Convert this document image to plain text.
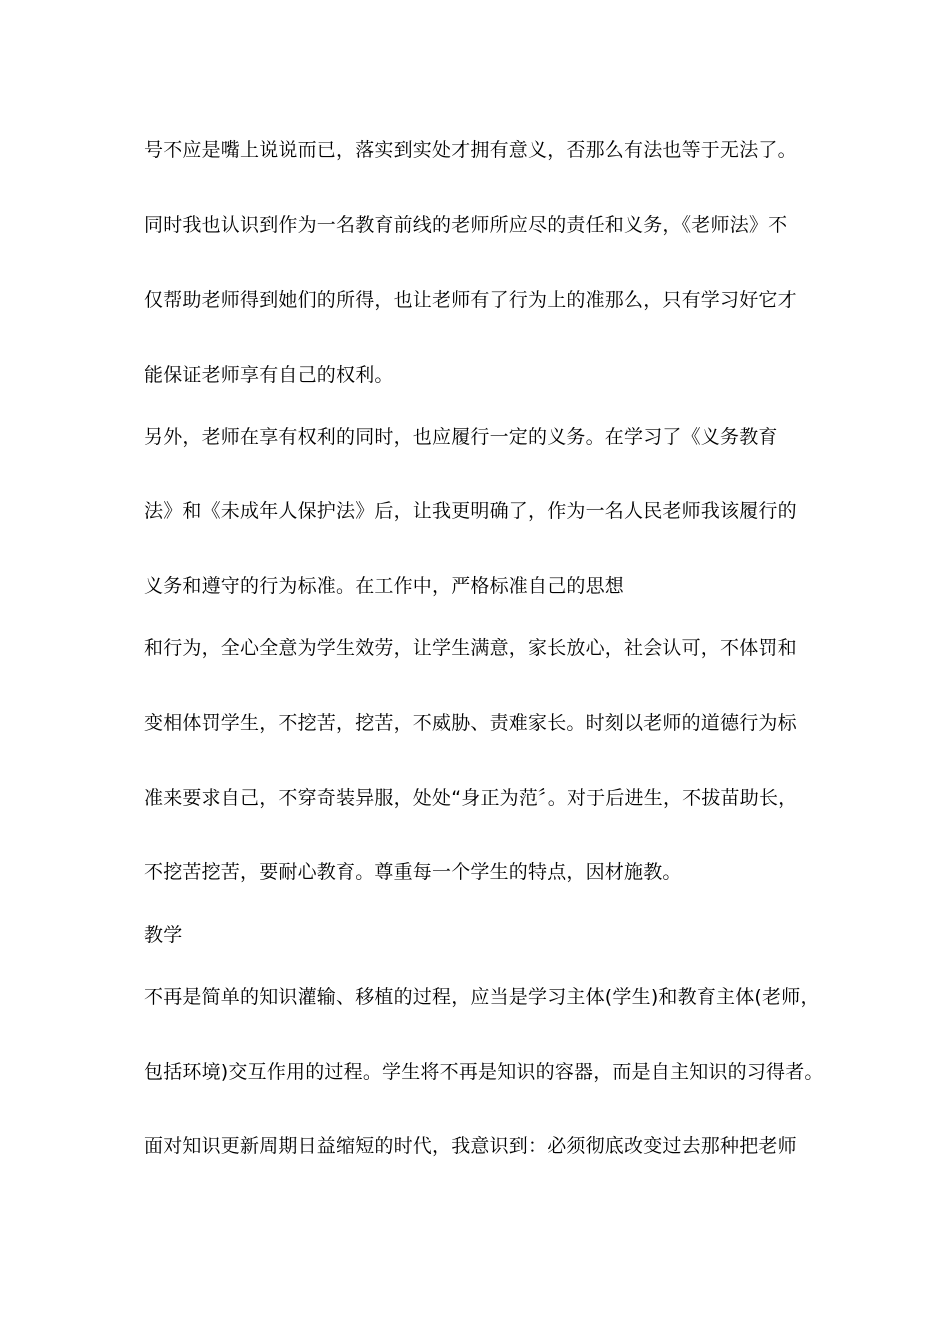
号不应是嘴上说说而已，落实到实处才拥有意义，否那么有法也等于无法了。
同时我也认识到作为一名教育前线的老师所应尽的责任和义务，《老师法》不
仅帮助老师得到她们的所得，也让老师有了行为上的准那么，只有学习好它才
能保证老师享有自己的权利。
另外，老师在享有权利的同时，也应履行一定的义务。在学习了《义务教育
法》和《未成年人保护法》后，让我更明确了，作为一名人民老师我该履行的
义务和遵守的行为标准。在工作中，严格标准自己的思想
和行为，全心全意为学生效劳，让学生满意，家长放心，社会认可，不体罚和
变相体罚学生，不挖苦，挖苦，不威胁、责难家长。时刻以老师的道德行为标
准来要求自己，不穿奇装异服，处处“身正为范〞。对于后进生，不拔苗助长，
不挖苦挖苦，要耐心教育。尊重每一个学生的特点，因材施教。
教学
不再是简单的知识灌输、移植的过程，应当是学习主体(学生)和教育主体(老师，
包括环境)交互作用的过程。学生将不再是知识的容器，而是自主知识的习得者。
面对知识更新周期日益缩短的时代，我意识到：必须彻底改变过去那种把老师
